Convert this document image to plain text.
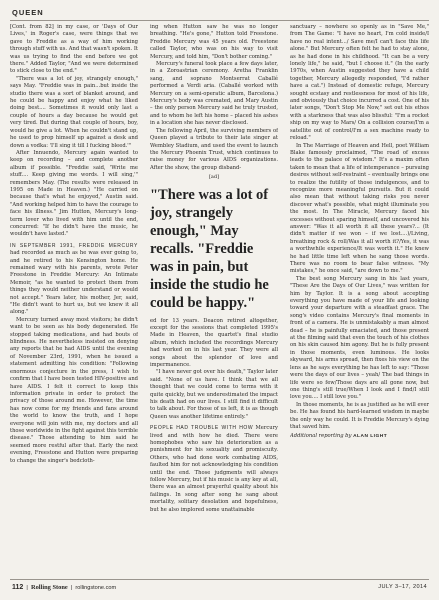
QUEEN

[Cont. from 82] in my case, or 'Days of Our Lives,' in Roger's case, were things that we gave to Freddie as a way of him working through stuff with us. And that wasn't spoken. It was us trying to find the end before we got there." Added Taylor, "And we were determined to stick close to the end."

"There was a lot of joy, strangely enough," says May. "Freddie was in pain...but inside the studio there was a sort of blanket around, and he could be happy and enjoy what he liked doing best.... Sometimes it would only last a couple of hours a day because he would get very tired. But during that couple of hours, boy, would he give a lot. When he couldn't stand up, he used to prop himself up against a desk and down a vodka: 'I'll sing it till I fucking bleed.'"

After Innuendo, Mercury again wanted to keep on recording – and complete another album if possible. "Freddie said, 'Write me stuff.... Keep giving me words. I will sing,'" remembers May. (The results were released in 1995 on Made in Heaven.) "He carried on because that's what he enjoyed," Austin said. "And working helped him to have the courage to face his illness." Jim Hutton, Mercury's long-term lover who lived with him until the end, concurred: "If he didn't have the music, he wouldn't have lasted."

IN SEPTEMBER 1991, FREDDIE MERCURY had recorded as much as he was ever going to, and he retired to his Kensington home. He remained wary with his parents, wrote Peter Freestone in Freddie Mercury: An Intimate Memoir, "as he wanted to protect them from things they would neither understand or would not accept." Years later, his mother, Jer, said, "He didn't want to hurt us, but we knew it all along."

Mercury turned away most visitors; he didn't want to be seen as his body degenerated. He stopped taking medications, and had bouts of blindness. He nevertheless insisted on denying any reports that he had AIDS until the evening of November 23rd, 1991, when he issued a statement admitting his condition: "Following enormous conjecture in the press, I wish to confirm that I have been tested HIV-positive and have AIDS. I felt it correct to keep this information private in order to protect the privacy of those around me. However, the time has now come for my friends and fans around the world to know the truth, and I hope everyone will join with me, my doctors and all those worldwide in the fight against this terrible disease." Those attending to him said he seemed more restful after that. Early the next evening, Freestone and Hutton were preparing to change the singer's bedcloth-

ing when Hutton saw he was no longer breathing. "He's gone," Hutton told Freestone. Freddie Mercury was 45 years old. Freestone called Taylor, who was on his way to visit Mercury, and told him, "Don't bother coming."

Mercury's funeral took place a few days later, in a Zoroastrian ceremony. Aretha Franklin sang, and soprano Montserrat Caballé performed a Verdi aria. (Caballé worked with Mercury on a semi-operatic album, Barcelona.) Mercury's body was cremated, and Mary Austin – the only person Mercury said he truly trusted, and to whom he left his home – placed his ashes in a location she has never disclosed.

The following April, the surviving members of Queen played a tribute to their late singer at Wembley Stadium, and used the event to launch the Mercury Phoenix Trust, which continues to raise money for various AIDS organizations. After the show, the group disband-

[ad]
"There was a lot of joy, strangely enough," May recalls. "Freddie was in pain, but inside the studio he could be happy."

ed for 13 years. Deacon retired altogether, except for the sessions that completed 1995's Made in Heaven, the quartet's final studio album, which included the recordings Mercury had worked on in his last year. They were all songs about the splendor of love and impermanence.

"I have never got over his death," Taylor later said. "None of us have. I think that we all thought that we could come to terms with it quite quickly, but we underestimated the impact his death had on our lives. I still find it difficult to talk about. For those of us left, it is as though Queen was another lifetime entirely."

PEOPLE HAD TROUBLE WITH HOW Mercury lived and with how he died. There were homophobes who saw his deterioration as a punishment for his sexuality and promiscuity. Others, who had done work combating AIDS, faulted him for not acknowledging his condition until the end. Those judgments will always follow Mercury, but if his music is any key at all, there was an almost prayerful quality about his failings. In song after song he sang about mortality, solitary desolation and hopefulness, but he also implored some unattainable

sanctuary – nowhere so openly as in "Save Me," from The Game: "I have no heart, I'm cold inside/I have no real intent.../ Save me/I can't face this life alone." But Mercury often felt he had to stay alone, as he had done in his childhood. "It can be a very lonely life," he said, "but I choose it." (In the early 1970s, when Austin suggested they have a child together, Mercury allegedly responded, "I'd rather have a cat.") Instead of domestic refuge, Mercury sought ecstasy and restlessness for most of his life, and obviously that choice incurred a cost. One of his later songs, "Don't Stop Me Now," set out his ethos with a starkness that was also blissful: "I'm a rocket ship on my way to Mars/ On a collision course/I'm a satellite out of control/I'm a sex machine ready to reload."

In The Marriage of Heaven and Hell, poet William Blake famously proclaimed, "The road of excess leads to the palace of wisdom." It's a maxim often taken to mean that a life of intemperance – pursuing desires without self-restraint – eventually brings one to realize the futility of those indulgences, and to recognize more meaningful pursuits. But it could also mean that without taking risks you never discover what's possible, what might illuminate you the most. In The Miracle, Mercury faced his excesses without sparing himself, and uncovered his answer: "Was it all worth it all these years?... (It didn't matter if we won – if we lost....)/Living, breathing rock & roll/Was it all worth it?/Yes, it was a worthwhile experience/It was worth it." He knew he had little time left when he sang those words. There was no room to bear false witness. "My mistakes," he once said, "are down to me."

The best song Mercury sang in his last years, "These Are the Days of Our Lives," was written for him by Taylor. It is a song about accepting everything you have made of your life and looking toward your departure with a steadfast grace. The song's video contains Mercury's final moments in front of a camera. He is unmistakably a man almost dead – he is painfully emaciated, and those present at the filming said that even the touch of his clothes on his skin caused him agony. But he is fully present in those moments, even luminous. He looks skyward, his arms spread, then fixes his view on the lens as he says everything he has left to say: "Those were the days of our lives – yeah/ The bad things in life were so few/Those days are all gone now, but one thing's still true/When I look and I find/I still love you.... I still love you."

In those moments, he is as justified as he will ever be. He has found his hard-learned wisdom in maybe the only way he could. It is Freddie Mercury's dying that saved him.

Additional reporting by ALAN LIGHT
112  |  Rolling Stone  |  rollingstone.com	JULY 3–17, 2014
